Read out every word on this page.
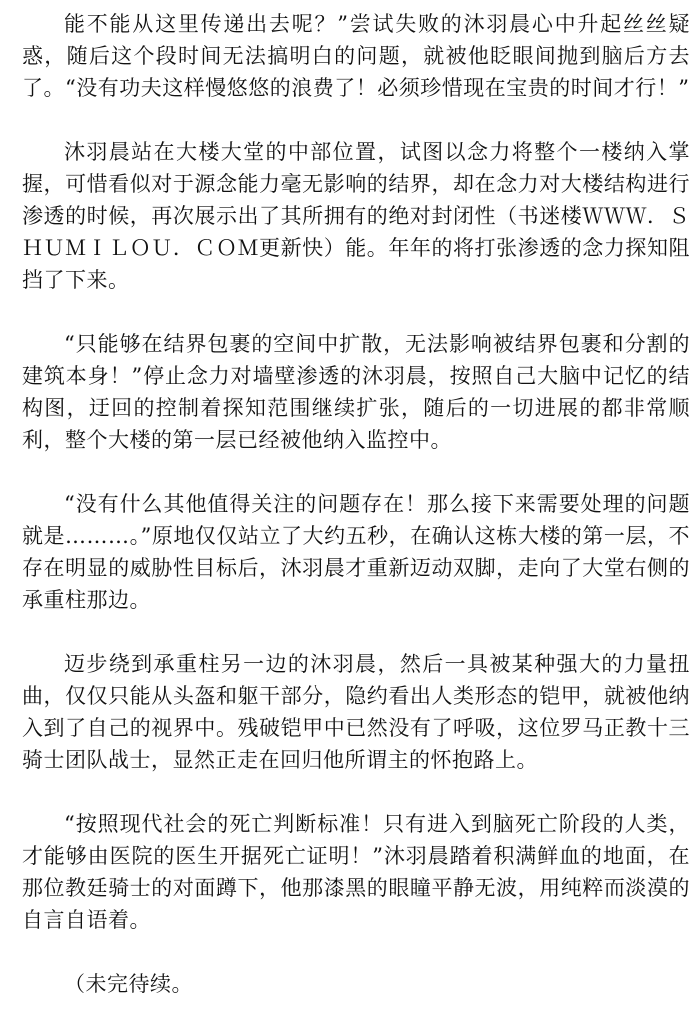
能不能从这里传递出去呢？”尝试失败的沐羽晨心中升起丝丝疑惑，随后这个段时间无法搞明白的问题，就被他眨眼间抛到脑后方去了。“没有功夫这样慢悠悠的浪费了！必须珍惜现在宝贵的时间才行！”

沐羽晨站在大楼大堂的中部位置，试图以念力将整个一楼纳入掌握，可惜看似对于源念能力毫无影响的结界，却在念力对大楼结构进行渗透的时候，再次展示出了其所拥有的绝对封闭性（书迷楼ＷＷＷ．ＳＨＵＭＩＬＯＵ．ＣＯＭ更新快）能。年年的将打张渗透的念力探知阻挡了下来。

“只能够在结界包裹的空间中扩散，无法影响被结界包裹和分割的建筑本身！”停止念力对墙壁渗透的沐羽晨，按照自己大脑中记忆的结构图，迂回的控制着探知范围继续扩张，随后的一切进展的都非常顺利，整个大楼的第一层已经被他纳入监控中。

“没有什么其他值得关注的问题存在！那么接下来需要处理的问题就是………。”原地仅仅站立了大约五秒，在确认这栋大楼的第一层，不存在明显的威胁性目标后，沐羽晨才重新迈动双脚，走向了大堂右侧的承重柱那边。

迈步绕到承重柱另一边的沐羽晨，然后一具被某种强大的力量扭曲，仅仅只能从头盔和躯干部分，隐约看出人类形态的铠甲，就被他纳入到了自己的视界中。残破铠甲中已然没有了呼吸，这位罗马正教十三骑士团队战士，显然正走在回归他所谓主的怀抱路上。

“按照现代社会的死亡判断标准！只有进入到脑死亡阶段的人类，才能够由医院的医生开据死亡证明！”沐羽晨踏着积满鲜血的地面，在那位教廷骑士的对面蹲下，他那漆黑的眼瞳平静无波，用纯粹而淡漠的自言自语着。

（未完待续。
